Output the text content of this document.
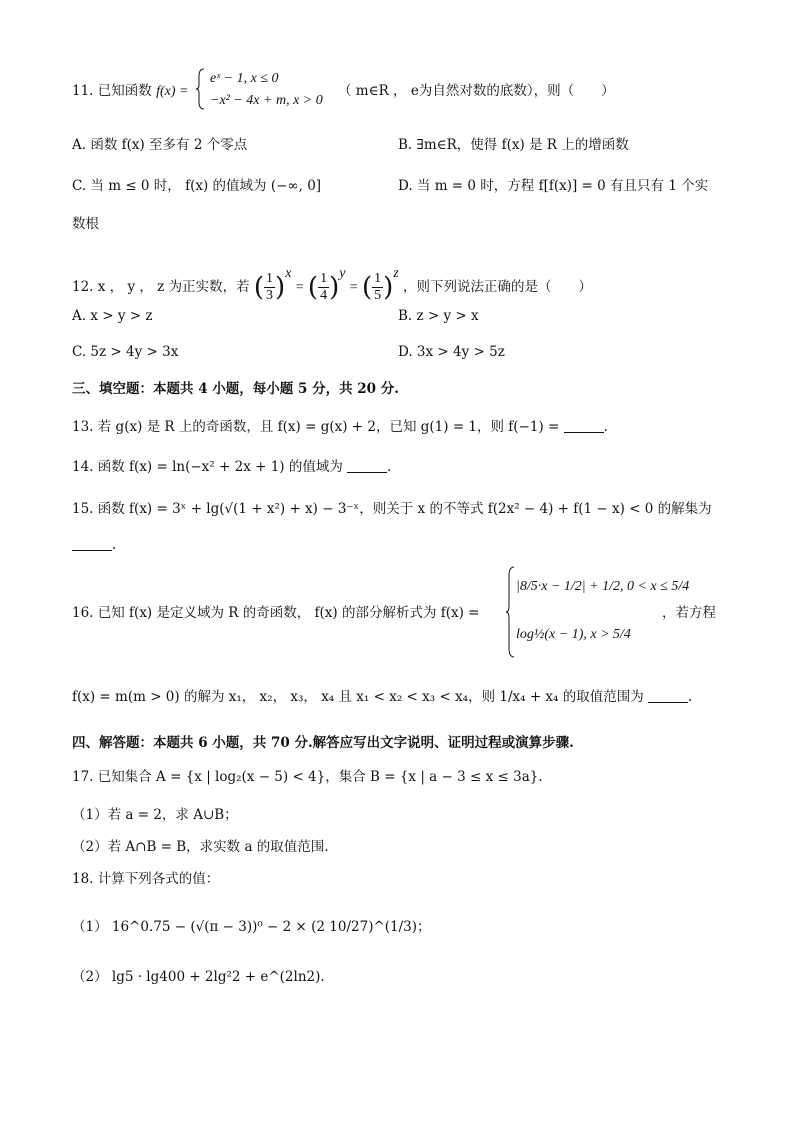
11. 已知函数 f(x) =
eˣ − 1, x ≤ 0
−x² − 4x + m, x > 0
（ m∈R ， e为自然对数的底数），则（　　）
A. 函数 f(x) 至多有 2 个零点	B. ∃m∈R，使得 f(x) 是 R 上的增函数
C. 当 m ≤ 0 时， f(x) 的值域为 (−∞, 0]	D. 当 m = 0 时，方程 f[f(x)] = 0 有且只有 1 个实
数根
12. x ， y ， z 为正实数，若 ( $\frac{1}{3} )^x$ = ( $\frac{1}{4} )^y$ = ( $\frac{1}{5} )^z$ ，则下列说法正确的是（　　）
A. x > y > z	B. z > y > x
C. 5z > 4y > 3x	D. 3x > 4y > 5z
三、填空题：本题共 4 小题，每小题 5 分，共 20 分.
13. 若 g(x) 是 R 上的奇函数，且 f(x) = g(x) + 2，已知 g(1) = 1，则 f(−1) =	.
14. 函数 f(x) = ln(−x² + 2x + 1) 的值域为	.
15. 函数 f(x) = 3ˣ + lg(√(1 + x²) + x) − 3⁻ˣ，则关于 x 的不等式 f(2x² − 4) + f(1 − x) < 0 的解集为
.
16. 已知 f(x) 是定义域为 R 的奇函数， f(x) 的部分解析式为 f(x) =
|8/5·x − 1/2| + 1/2, 0 < x ≤ 5/4
log½(x − 1), x > 5/4
，若方程
f(x) = m(m > 0) 的解为 x₁， x₂， x₃， x₄ 且 x₁ < x₂ < x₃ < x₄，则 1/x₄ + x₄ 的取值范围为	.
四、解答题：本题共 6 小题，共 70 分.解答应写出文字说明、证明过程或演算步骤.
17. 已知集合 A = {x | log₂(x − 5) < 4}，集合 B = {x | a − 3 ≤ x ≤ 3a}.
（1）若 a = 2，求 A∪B；
（2）若 A∩B = B，求实数 a 的取值范围.
18. 计算下列各式的值：
（1） 16^0.75 − (√(π − 3))⁰ − 2 × (2 10/27)^(1/3)；
（2） lg5 · lg400 + 2lg²2 + e^(2ln2).
